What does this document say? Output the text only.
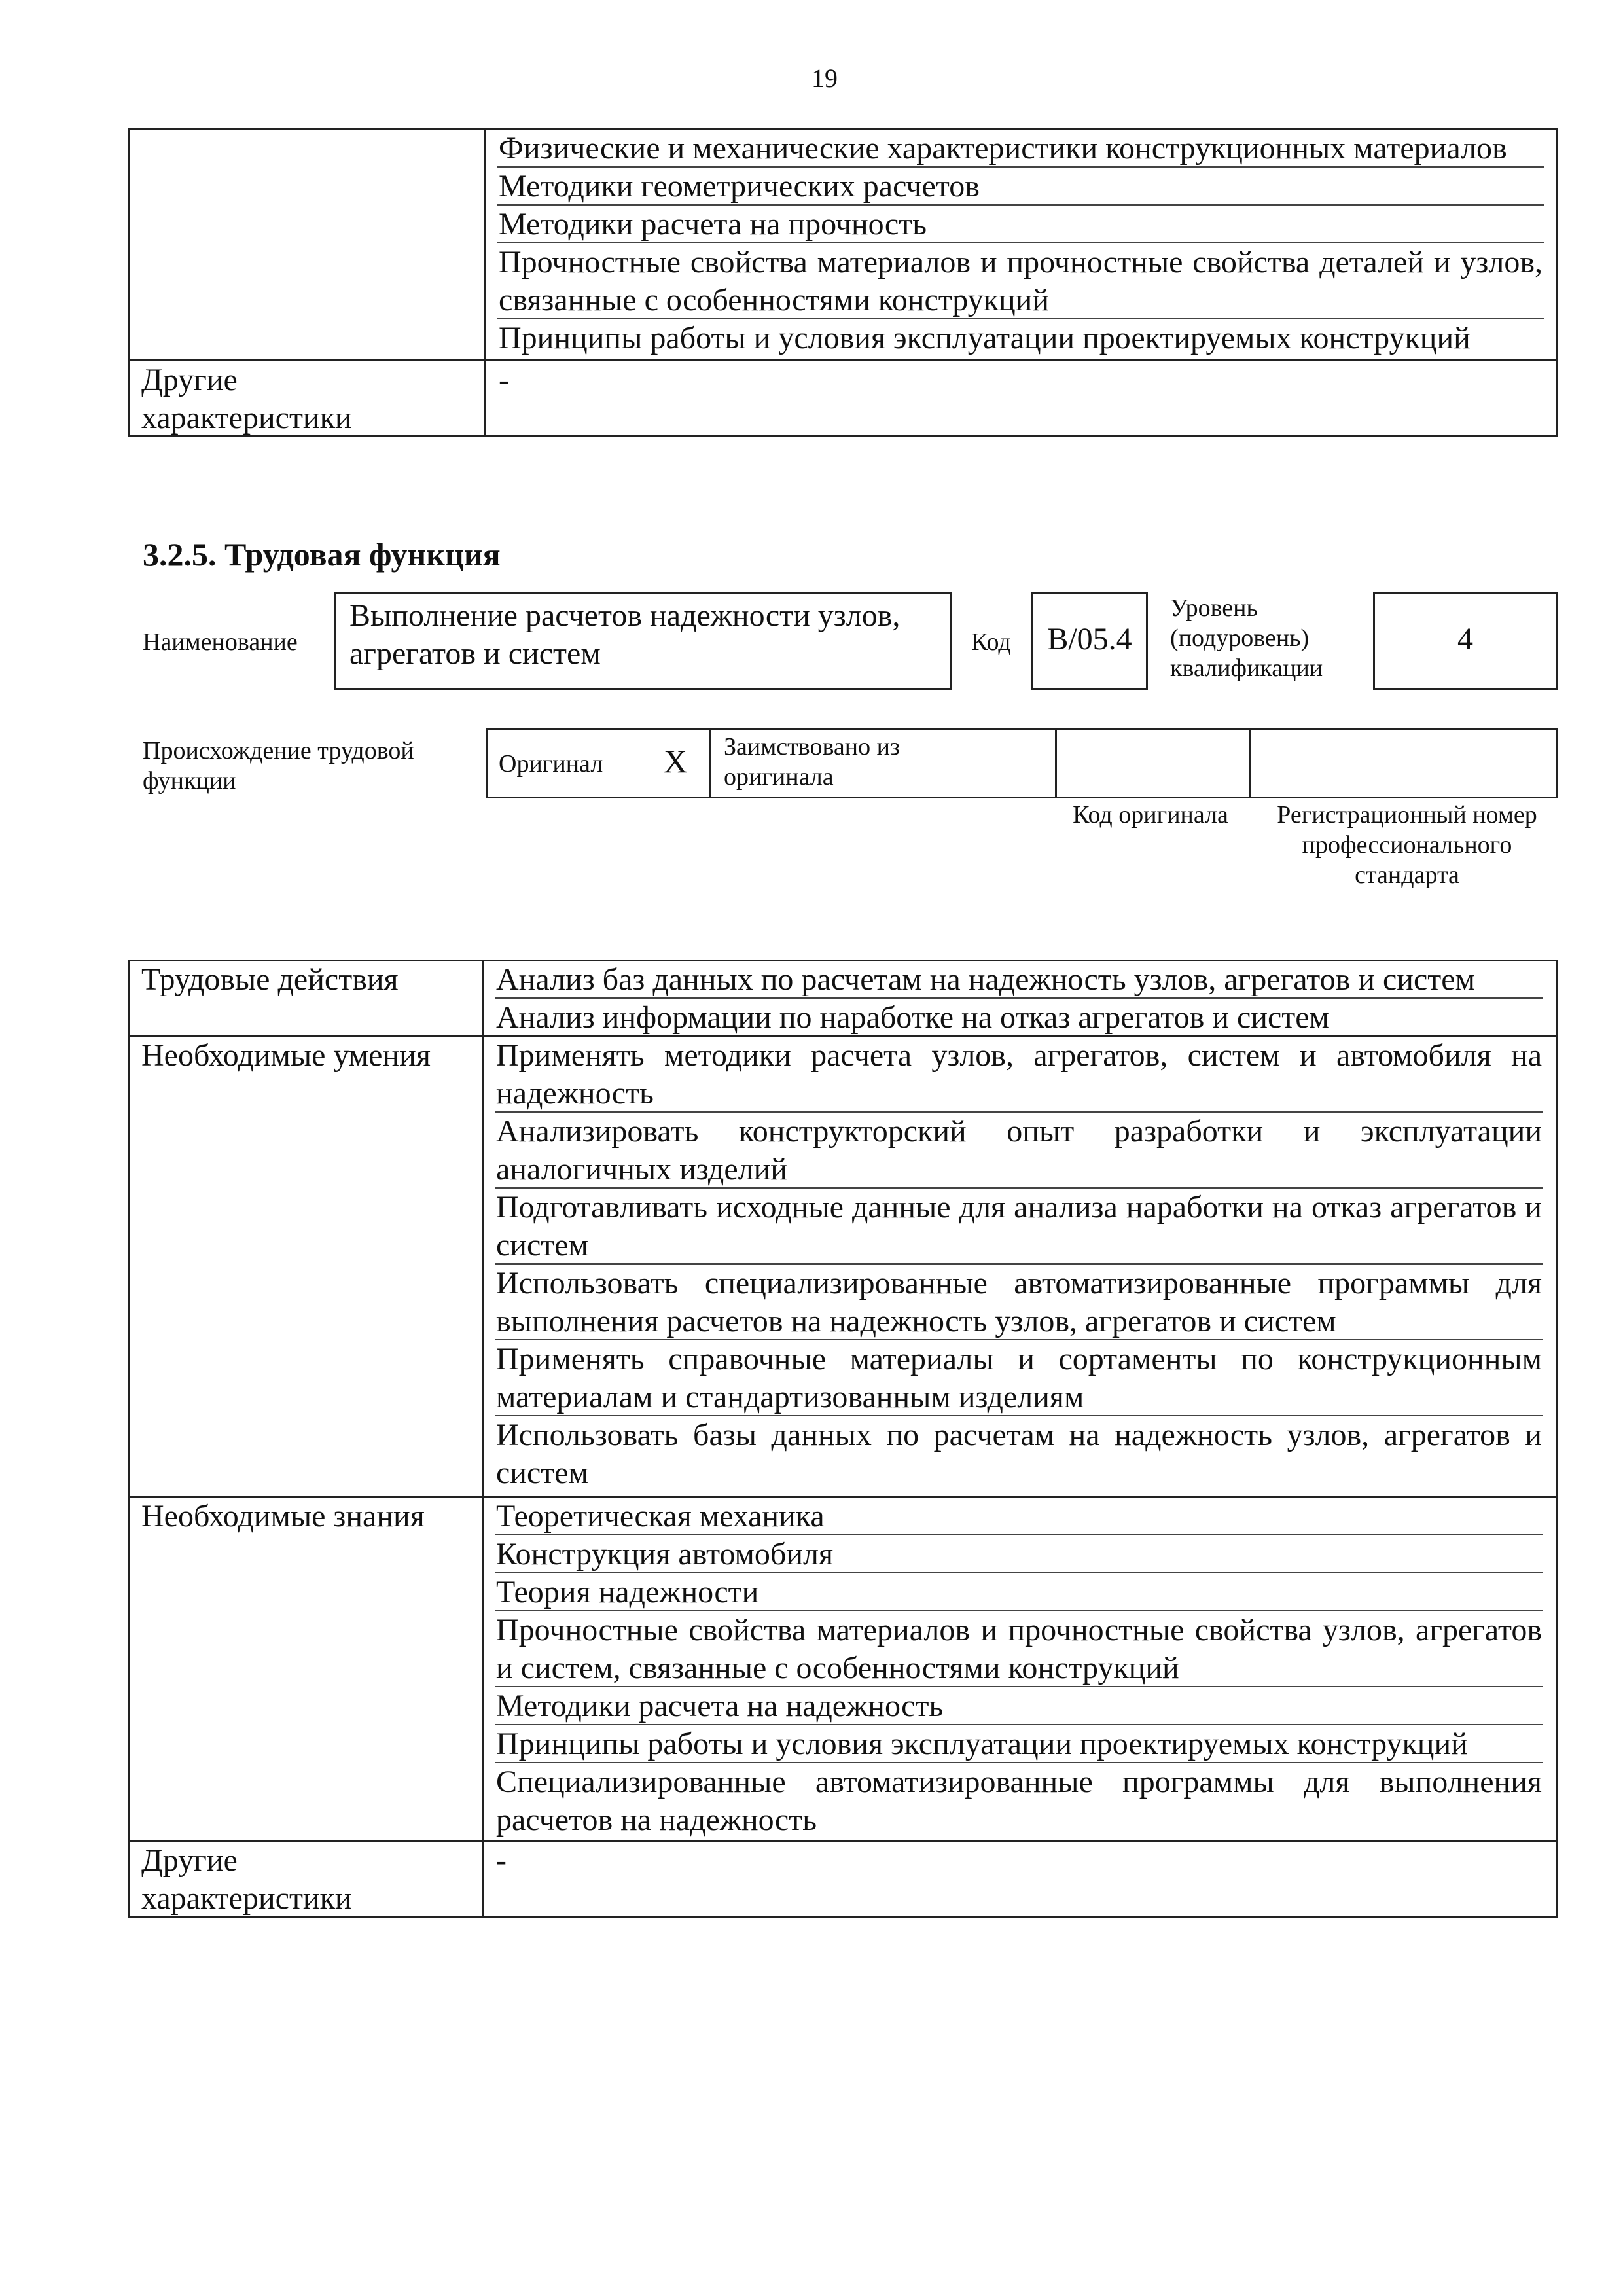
19
Физические и механические характеристики конструкционных материалов
Методики геометрических расчетов
Методики расчета на прочность
Прочностные свойства материалов и прочностные свойства деталей и узлов, связанные с особенностями конструкций
Принципы работы и условия эксплуатации проектируемых конструкций
Другие характеристики
-
3.2.5. Трудовая функция
Наименование
Выполнение расчетов надежности узлов, агрегатов и систем	Код	B/05.4
Уровень (подуровень) квалификации
4
Происхождение трудовой функции
Оригинал X Заимствовано из оригинала
Код оригинала Регистрационный номер профессионального стандарта
Трудовые действия
Необходимые умения
Необходимые знания
Другие характеристики
Анализ баз данных по расчетам на надежность узлов, агрегатов и систем
Анализ информации по наработке на отказ агрегатов и систем
Применять методики расчета узлов, агрегатов, систем и автомобиля на надежность
Анализировать конструкторский опыт разработки и эксплуатации аналогичных изделий
Подготавливать исходные данные для анализа наработки на отказ агрегатов и систем
Использовать специализированные автоматизированные программы для выполнения расчетов на надежность узлов, агрегатов и систем
Применять справочные материалы и сортаменты по конструкционным материалам и стандартизованным изделиям
Использовать базы данных по расчетам на надежность узлов, агрегатов и систем
Теоретическая механика
Конструкция автомобиля
Теория надежности
Прочностные свойства материалов и прочностные свойства узлов, агрегатов и систем, связанные с особенностями конструкций
Методики расчета на надежность
Принципы работы и условия эксплуатации проектируемых конструкций
Специализированные автоматизированные программы для выполнения расчетов на надежность
-
